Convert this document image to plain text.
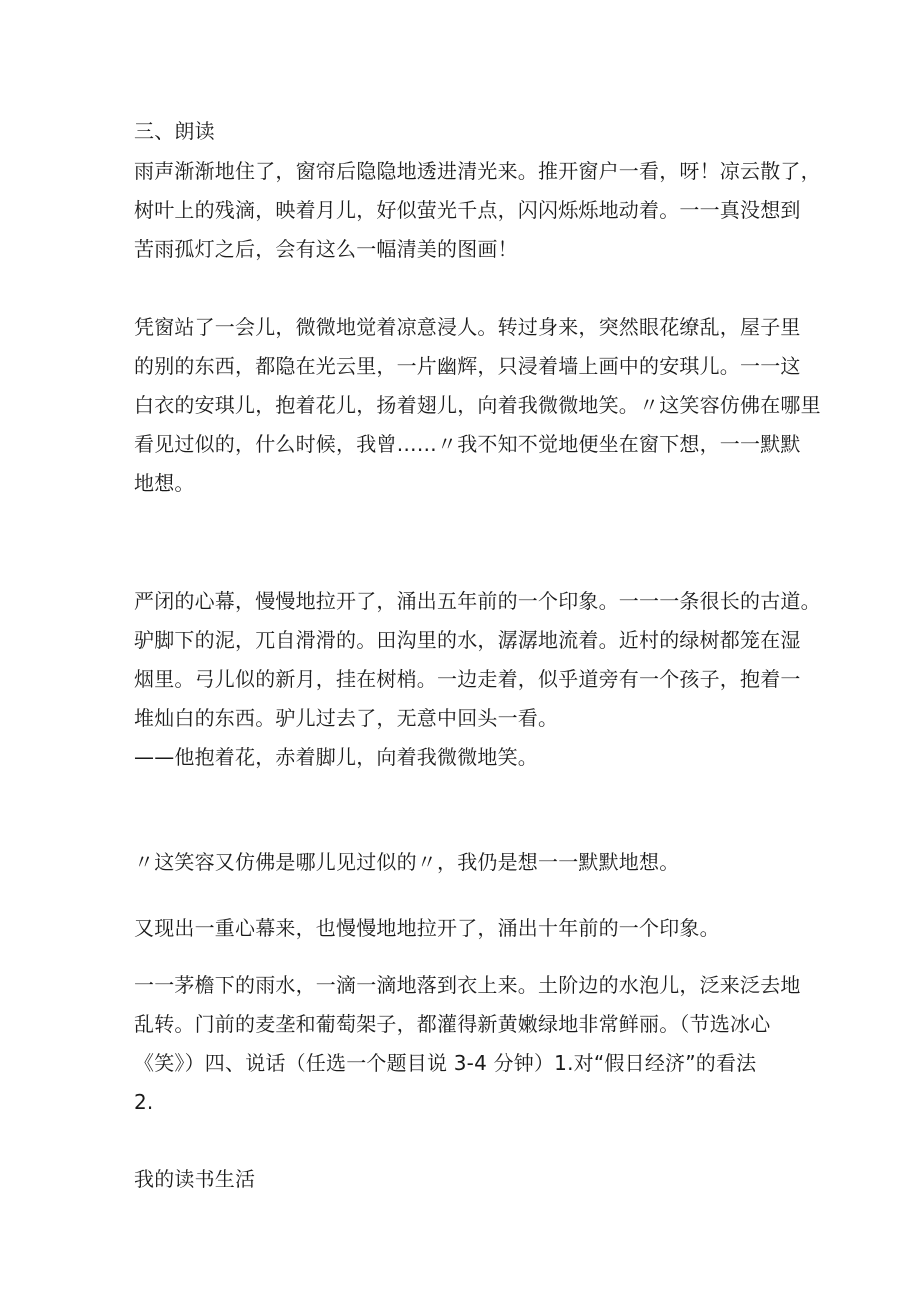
三、朗读
雨声渐渐地住了，窗帘后隐隐地透进清光来。推开窗户一看，呀！凉云散了，
树叶上的残滴，映着月儿，好似萤光千点，闪闪烁烁地动着。一一真没想到
苦雨孤灯之后，会有这么一幅清美的图画！
凭窗站了一会儿，微微地觉着凉意浸人。转过身来，突然眼花缭乱，屋子里
的别的东西，都隐在光云里，一片幽辉，只浸着墙上画中的安琪儿。一一这
白衣的安琪儿，抱着花儿，扬着翅儿，向着我微微地笑。〃这笑容仿佛在哪里
看见过似的，什么时候，我曾……〃我不知不觉地便坐在窗下想，一一默默
地想。
严闭的心幕，慢慢地拉开了，涌出五年前的一个印象。一一一条很长的古道。
驴脚下的泥，兀自滑滑的。田沟里的水，潺潺地流着。近村的绿树都笼在湿
烟里。弓儿似的新月，挂在树梢。一边走着，似乎道旁有一个孩子，抱着一
堆灿白的东西。驴儿过去了，无意中回头一看。
——他抱着花，赤着脚儿，向着我微微地笑。
〃这笑容又仿佛是哪儿见过似的〃，我仍是想一一默默地想。
又现出一重心幕来，也慢慢地地拉开了，涌出十年前的一个印象。
一一茅檐下的雨水，一滴一滴地落到衣上来。土阶边的水泡儿，泛来泛去地
乱转。门前的麦垄和葡萄架子，都灌得新黄嫩绿地非常鲜丽。（节选冰心
《笑》）四、说话（任选一个题目说 3-4 分钟）1.对“假日经济”的看法
2.
我的读书生活
